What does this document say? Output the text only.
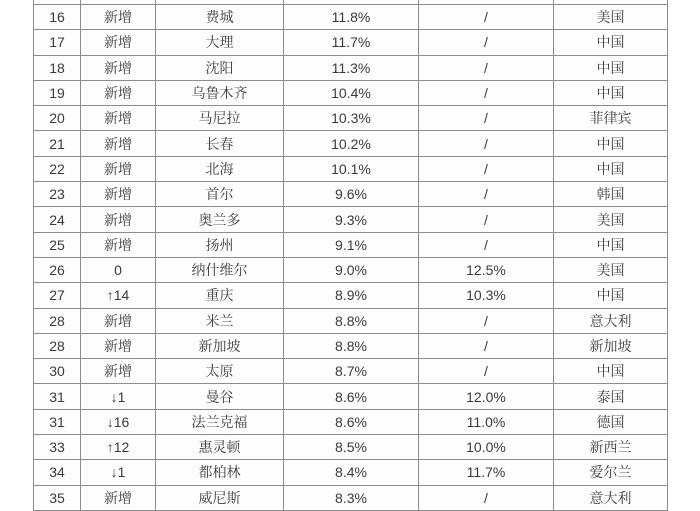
16	新增	费城	11.8%	/	美国
17	新增	大理	11.7%	/	中国
18	新增	沈阳	11.3%	/	中国
19	新增	乌鲁木齐	10.4%	/	中国
20	新增	马尼拉	10.3%	/	菲律宾
21	新增	长春	10.2%	/	中国
22	新增	北海	10.1%	/	中国
23	新增	首尔	9.6%	/	韩国
24	新增	奥兰多	9.3%	/	美国
25	新增	扬州	9.1%	/	中国
26	0	纳什维尔	9.0%	12.5%	美国
27	↑14	重庆	8.9%	10.3%	中国
28	新增	米兰	8.8%	/	意大利
28	新增	新加坡	8.8%	/	新加坡
30	新增	太原	8.7%	/	中国
31	↓1	曼谷	8.6%	12.0%	泰国
31	↓16	法兰克福	8.6%	11.0%	德国
33	↑12	惠灵顿	8.5%	10.0%	新西兰
34	↓1	都柏林	8.4%	11.7%	爱尔兰
35	新增	威尼斯	8.3%	/	意大利
